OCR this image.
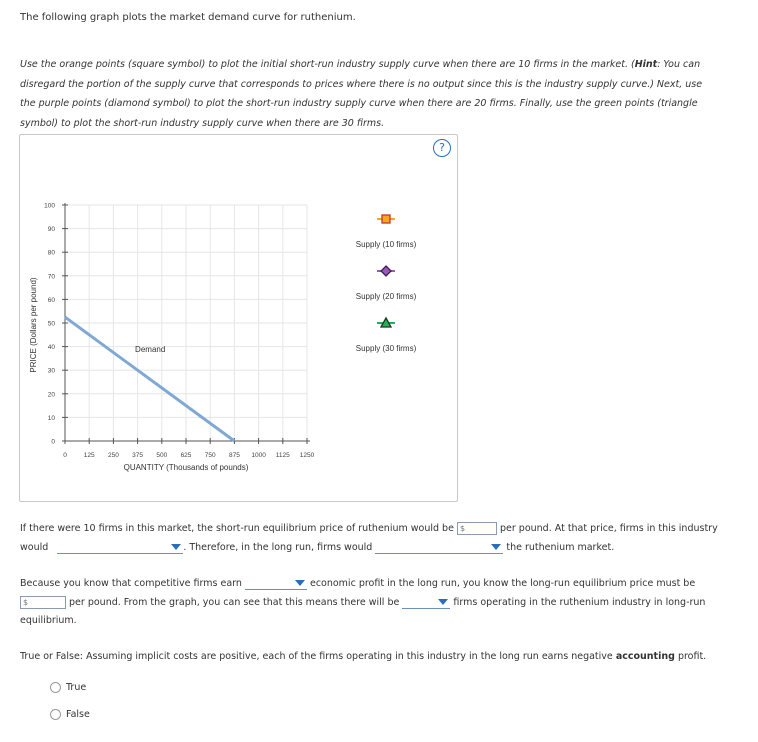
The following graph plots the market demand curve for ruthenium.
Use the orange points (square symbol) to plot the initial short-run industry supply curve when there are 10 firms in the market. (Hint: You can disregard the portion of the supply curve that corresponds to prices where there is no output since this is the industry supply curve.) Next, use the purple points (diamond symbol) to plot the short-run industry supply curve when there are 20 firms. Finally, use the green points (triangle symbol) to plot the short-run industry supply curve when there are 30 firms.
?
0
10
20
30
40
50
60
70
80
90
100
0	125 250 375 500 625 750 875 1000 1125 1250
QUANTITY (Thousands of pounds)
PRICE (Dollars per pound)	Demand
Supply (10 firms)
Supply (20 firms)
Supply (30 firms)
If there were 10 firms in this market, the short-run equilibrium price of ruthenium would be $	per pound. At that price, firms in this industry
would	. Therefore, in the long run, firms would	the ruthenium market.
Because you know that competitive firms earn	economic profit in the long run, you know the long-run equilibrium price must be
$	per pound. From the graph, you can see that this means there will be	firms operating in the ruthenium industry in long-run
equilibrium.
True or False: Assuming implicit costs are positive, each of the firms operating in this industry in the long run earns negative accounting profit.
True
False
